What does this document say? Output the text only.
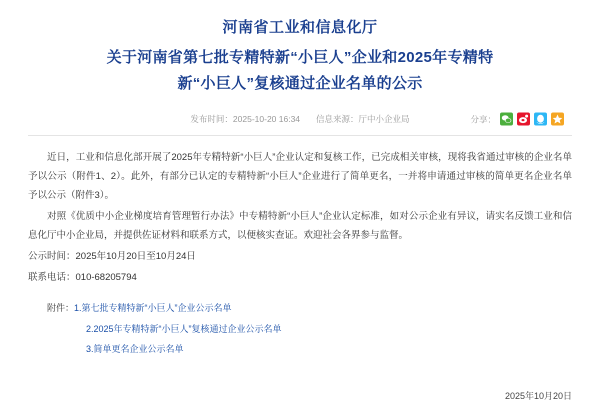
河南省工业和信息化厅
关于河南省第七批专精特新“小巨人”企业和2025年专精特
新“小巨人”复核通过企业名单的公示
发布时间：2025-10-20 16:34 信息来源：厅中小企业局	分享：

近日，工业和信息化部开展了2025年专精特新“小巨人”企业认定和复核工作，已完成相关审核，现将我省通过审核的企业名单予以公示（附件1、2）。此外，有部分已认定的专精特新“小巨人”企业进行了简单更名，一并将申请通过审核的简单更名企业名单予以公示（附件3）。

对照《优质中小企业梯度培育管理暂行办法》中专精特新“小巨人”企业认定标准，如对公示企业有异议，请实名反馈工业和信息化厅中小企业局，并提供佐证材料和联系方式，以便核实查证。欢迎社会各界参与监督。

公示时间：2025年10月20日至10月24日

联系电话：010-68205794

附件：1.第七批专精特新“小巨人”企业公示名单
2.2025年专精特新“小巨人”复核通过企业公示名单
3.简单更名企业公示名单
2025年10月20日
